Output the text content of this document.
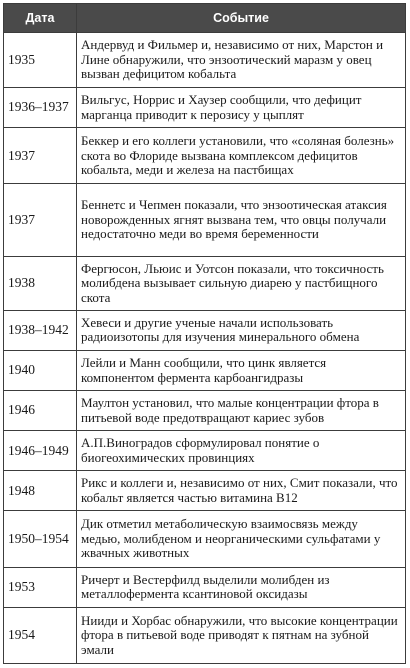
Дата	Событие
1935	Андервуд и Фильмер и, независимо от них, Марстон и Лине обнаружили, что энзоотический маразм у овец вызван дефицитом кобальта
1936–1937	Вильгус, Норрис и Хаузер сообщили, что дефицит марганца приводит к перозису у цыплят
1937	Беккер и его коллеги установили, что «соляная болезнь» скота во Флориде вызвана комплексом дефицитов кобальта, меди и железа на пастбищах
1937	Беннетс и Чепмен показали, что энзоотическая атаксия новорожденных ягнят вызвана тем, что овцы получали недостаточно меди во время беременности
1938	Фергюсон, Льюис и Уотсон показали, что токсичность молибдена вызывает сильную диарею у пастбищного скота
1938–1942	Хевеси и другие ученые начали использовать радиоизотопы для изучения минерального обмена
1940	Лейли и Манн сообщили, что цинк является компонентом фермента карбоангидразы
1946	Маултон установил, что малые концентрации фтора в питьевой воде предотвращают кариес зубов
1946–1949	А.П.Виноградов сформулировал понятие о биогеохимических провинциях
1948	Рикс и коллеги и, независимо от них, Смит показали, что кобальт является частью витамина B12
1950–1954	Дик отметил метаболическую взаимосвязь между медью, молибденом и неорганическими сульфатами у жвачных животных
1953	Ричерт и Вестерфилд выделили молибден из металлофермента ксантиновой оксидазы
1954	Нииди и Хорбас обнаружили, что высокие концентрации фтора в питьевой воде приводят к пятнам на зубной эмали
